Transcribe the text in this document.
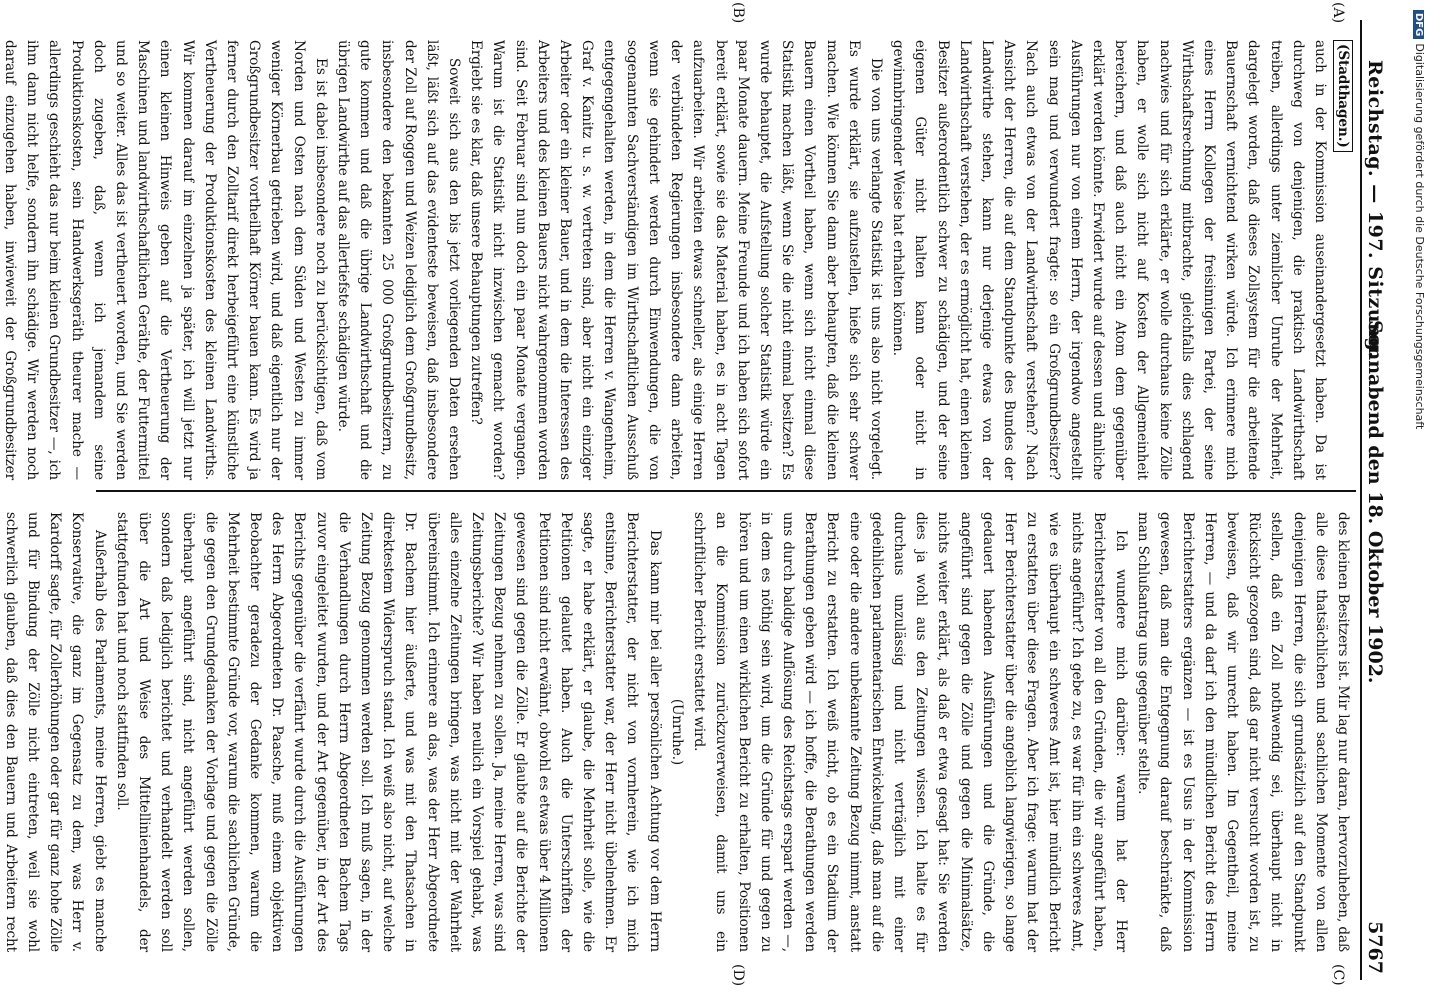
Reichstag. — 197. Sitzung.
Sonnabend den 18. Oktober 1902.
5767
(A)
(B)
(C)
(D)
(Stadthagen.)

auch in der Kommission auseinandergesetzt haben. Da ist durchweg von denjenigen, die praktisch Landwirthschaft treiben, allerdings unter ziemlicher Unruhe der Mehrheit, dargelegt worden, daß dieses Zollsystem für die arbeitende Bauernschaft vernichtend wirken würde. Ich erinnere mich eines Herrn Kollegen der freisinnigen Partei, der seine Wirthschaftsrechnung mitbrachte, gleichfalls dies schlagend nachwies und für sich erklärte, er wolle durchaus keine Zölle haben, er wolle sich nicht auf Kosten der Allgemeinheit bereichern, und daß auch nicht ein Atom dem gegenüber erklärt werden könnte. Erwidert wurde auf dessen und ähnliche Ausführungen nur von einem Herrn, der irgendwo angestellt sein mag und verwundert fragte: so ein Großgrundbesitzer? Nach auch etwas von der Landwirthschaft verstehen? Nach Ansicht der Herren, die auf dem Standpunkte des Bundes der Landwirthe stehen, kann nur derjenige etwas von der Landwirthschaft verstehen, der es ermöglicht hat, einen kleinen Besitzer außerordentlich schwer zu schädigen, und der seine eigenen Güter nicht halten kann oder nicht in gewinnbringender Weise hat erhalten können.

Die von uns verlangte Statistik ist uns also nicht vorgelegt. Es wurde erklärt, sie aufzustellen, hieße sich sehr schwer machen. Wie können Sie dann aber behaupten, daß die kleinen Bauern einen Vortheil haben, wenn sich nicht einmal diese Statistik machen läßt, wenn Sie die nicht einmal besitzen? Es wurde behauptet, die Aufstellung solcher Statistik würde ein paar Monate dauern. Meine Freunde und ich haben sich sofort bereit erklärt, sowie sie das Material haben, es in acht Tagen aufzuarbeiten. Wir arbeiten etwas schneller, als einige Herren der verbündeten Regierungen insbesondere dann arbeiten, wenn sie gehindert werden durch Einwendungen, die von sogenannten Sachverständigen im Wirthschaftlichen Ausschuß entgegengehalten werden, in dem die Herren v. Wangenheim, Graf v. Kanitz u. s. w. vertreten sind, aber nicht ein einziger Arbeiter oder ein kleiner Bauer, und in dem die Interessen des Arbeiters und des kleinen Bauers nicht wahrgenommen worden sind. Seit Februar sind nun doch ein paar Monate vergangen. Warum ist die Statistik nicht inzwischen gemacht worden? Ergiebt sie es klar, daß unsere Behauptungen zutreffen?

Soweit sich aus den bis jetzt vorliegenden Daten ersehen läßt, läßt sich auf das evidenteste beweisen, daß insbesondere der Zoll auf Roggen und Weizen lediglich dem Großgrundbesitz, insbesondere den bekannten 25 000 Großgrundbesitzern, zu gute kommen und daß die übrige Landwirthschaft und die übrigen Landwirthe auf das allertiefste schädigen würde.

Es ist dabei insbesondere noch zu berücksichtigen, daß vom Norden und Osten nach dem Süden und Westen zu immer weniger Körnerbau getrieben wird, und daß eigentlich nur der Großgrundbesitzer vortheilhaft Körner bauen kann. Es wird ja ferner durch den Zolltarif direkt herbeigeführt eine künstliche Vertheuerung der Produktionskosten des kleinen Landwirths. Wir kommen darauf im einzelnen ja später, ich will jetzt nur einen kleinen Hinweis geben auf die Vertheuerung der Maschinen und landwirthschaftlichen Geräthe, der Futtermittel und so weiter. Alles das ist vertheuert worden, und Sie werden doch zugeben, daß, wenn ich jemandem seine Produktionskosten, sein Handwerksgeräth theurer mache — allerdings geschieht das nur beim kleinen Grundbesitzer —, ich ihm dann nicht helfe, sondern ihn schädige. Wir werden noch darauf einzugehen haben, inwieweit der Großgrundbesitzer

des kleinen Besitzers ist. Mir lag nur daran, hervorzuheben, daß alle diese thatsächlichen und sachlichen Momente von allen denjenigen Herren, die sich grundsätzlich auf den Standpunkt stellen, daß ein Zoll nothwendig sei, überhaupt nicht in Rücksicht gezogen sind, daß gar nicht versucht worden ist, zu beweisen, daß wir unrecht haben. Im Gegentheil, meine Herren, — und da darf ich den mündlichen Bericht des Herrn Berichterstatters ergänzen — ist es Usus in der Kommission gewesen, daß man die Entgegnung darauf beschränkte, daß man Schlußantrag uns gegenüber stellte.

Ich wundere mich darüber: warum hat der Herr Berichterstatter von all den Gründen, die wir angeführt haben, nichts angeführt? Ich gebe zu, es war für ihn ein schweres Amt, wie es überhaupt ein schweres Amt ist, hier mündlich Bericht zu erstatten über diese Fragen. Aber ich frage: warum hat der Herr Berichterstatter über die angeblich langwierigen, so lange gedauert habenden Ausführungen und die Gründe, die angeführt sind gegen die Zölle und gegen die Minimalsätze, nichts weiter erklärt, als daß er etwa gesagt hat: Sie werden dies ja wohl aus den Zeitungen wissen. Ich halte es für durchaus unzulässig und nicht verträglich mit einer gedeihlichen parlamentarischen Entwickelung, daß man auf die eine oder die andere unbekannte Zeitung Bezug nimmt, anstatt Bericht zu erstatten. Ich weiß nicht, ob es ein Stadium der Berathungen geben wird — ich hoffe, die Berathungen werden uns durch baldige Auflösung des Reichstags erspart werden —, in dem es nöthig sein wird, um die Gründe für und gegen zu hören und um einen wirklichen Bericht zu erhalten, Positionen an die Kommission zurückzuverweisen, damit uns ein schriftlicher Bericht erstattet wird.

(Unruhe.)

Das kann mir bei aller persönlichen Achtung vor dem Herrn Berichterstatter, der nicht von vornherein, wie ich mich entsinne, Berichterstatter war, der Herr nicht übelnehmen. Er sagte, er habe erklärt, er glaube, die Mehrheit solle, wie die Petitionen gelautet haben. Auch die Unterschriften der Petitionen sind nicht erwähnt, obwohl es etwas über 4 Millionen gewesen sind gegen die Zölle. Er glaubte auf die Berichte der Zeitungen Bezug nehmen zu sollen. Ja, meine Herren, was sind Zeitungsberichte? Wir haben neulich ein Vorspiel gehabt, was alles einzelne Zeitungen bringen, was nicht mit der Wahrheit übereinstimmt. Ich erinnere an das, was der Herr Abgeordnete Dr. Bachem hier äußerte, und was mit den Thatsachen in direktestem Widerspruch stand. Ich weiß also nicht, auf welche Zeitung Bezug genommen werden soll. Ich muß sagen, in der die Verhandlungen durch Herrn Abgeordneten Bachem Tags zuvor eingeleitet wurden, und der Art gegenüber, in der Art des Berichts gegenüber die verfährt wurde durch die Ausführungen des Herrn Abgeordneten Dr. Paasche, muß einem objektiven Beobachter geradezu der Gedanke kommen, warum die Mehrheit bestimmte Gründe vor, warum die sachlichen Gründe, die gegen den Grundgedanken der Vorlage und gegen die Zölle überhaupt angeführt sind, nicht angeführt werden sollen, sondern daß lediglich berichtet und verhandelt werden soll über die Art und Weise des Mittellinienhandels, der stattgefunden hat und noch stattfinden soll.

Außerhalb des Parlaments, meine Herren, giebt es manche Konservative, die ganz im Gegensatz zu dem, was Herr v. Kardorff sagte, für Zollerhöhungen oder gar für ganz hohe Zölle und für Bindung der Zölle nicht eintreten, weil sie wohl schwerlich glauben, daß dies den Bauern und Arbeitern recht

DFGDigitalisierung gefördert durch die Deutsche Forschungsgemeinschaft
